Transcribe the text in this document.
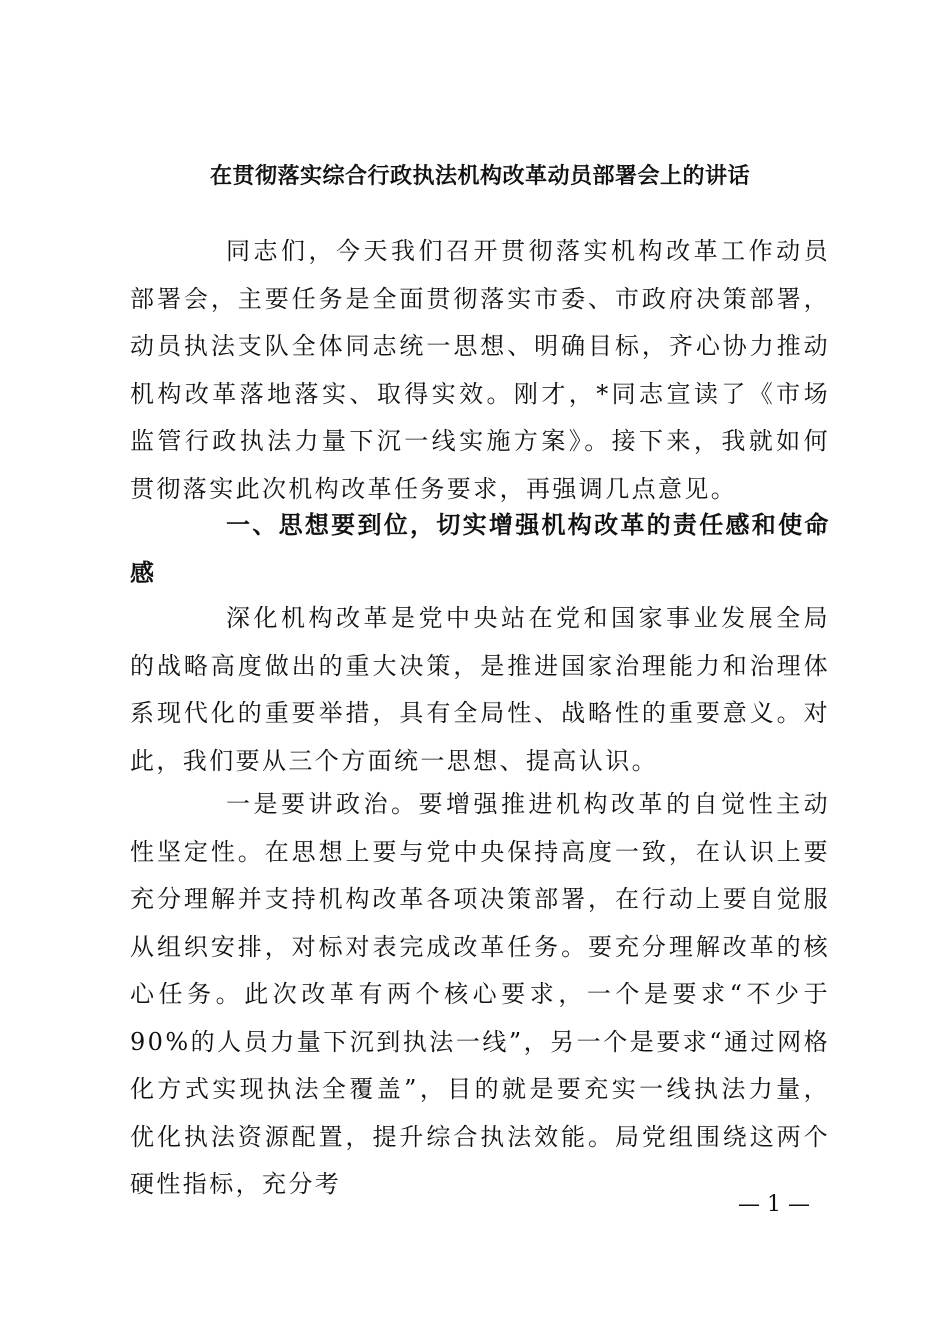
在贯彻落实综合行政执法机构改革动员部署会上的讲话

同志们，今天我们召开贯彻落实机构改革工作动员部署会，主要任务是全面贯彻落实市委、市政府决策部署，动员执法支队全体同志统一思想、明确目标，齐心协力推动机构改革落地落实、取得实效。刚才，*同志宣读了《市场监管行政执法力量下沉一线实施方案》。接下来，我就如何贯彻落实此次机构改革任务要求，再强调几点意见。

一、思想要到位，切实增强机构改革的责任感和使命感

深化机构改革是党中央站在党和国家事业发展全局的战略高度做出的重大决策，是推进国家治理能力和治理体系现代化的重要举措，具有全局性、战略性的重要意义。对此，我们要从三个方面统一思想、提高认识。

一是要讲政治。要增强推进机构改革的自觉性主动性坚定性。在思想上要与党中央保持高度一致，在认识上要充分理解并支持机构改革各项决策部署，在行动上要自觉服从组织安排，对标对表完成改革任务。要充分理解改革的核心任务。此次改革有两个核心要求，一个是要求“不少于90%的人员力量下沉到执法一线”，另一个是要求“通过网格化方式实现执法全覆盖”，目的就是要充实一线执法力量，优化执法资源配置，提升综合执法效能。局党组围绕这两个硬性指标，充分考

— 1 —
